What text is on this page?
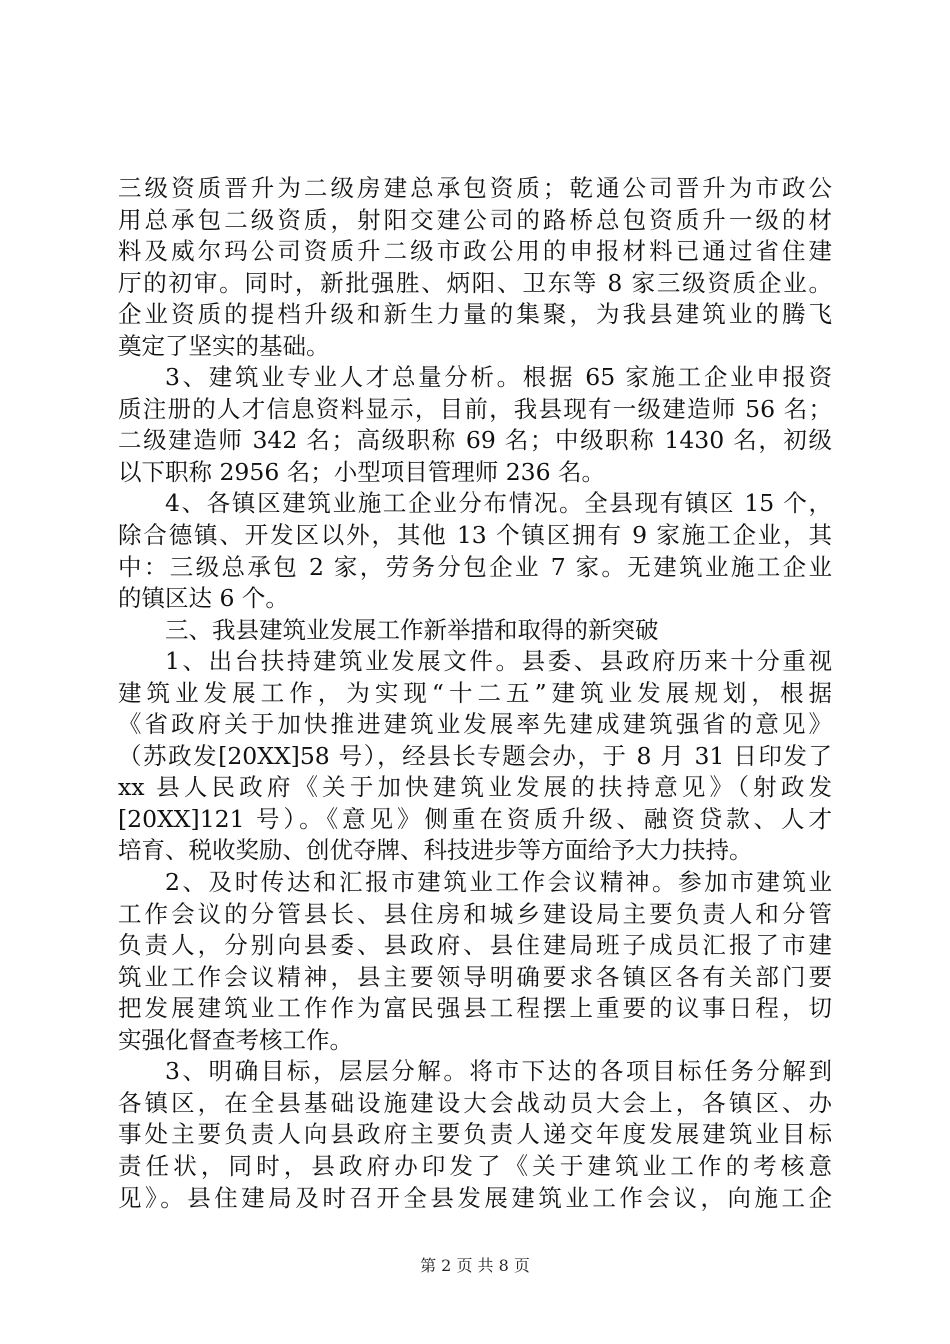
三级资质晋升为二级房建总承包资质；乾通公司晋升为市政公
用总承包二级资质，射阳交建公司的路桥总包资质升一级的材
料及威尔玛公司资质升二级市政公用的申报材料已通过省住建
厅的初审。同时，新批强胜、炳阳、卫东等 8 家三级资质企业。
企业资质的提档升级和新生力量的集聚，为我县建筑业的腾飞
奠定了坚实的基础。
3、建筑业专业人才总量分析。根据 65 家施工企业申报资
质注册的人才信息资料显示，目前，我县现有一级建造师 56 名；
二级建造师 342 名；高级职称 69 名；中级职称 1430 名，初级
以下职称 2956 名；小型项目管理师 236 名。
4、各镇区建筑业施工企业分布情况。全县现有镇区 15 个，
除合德镇、开发区以外，其他 13 个镇区拥有 9 家施工企业，其
中：三级总承包 2 家，劳务分包企业 7 家。无建筑业施工企业
的镇区达 6 个。
三、我县建筑业发展工作新举措和取得的新突破
1、出台扶持建筑业发展文件。县委、县政府历来十分重视
建筑业发展工作，为实现“十二五”建筑业发展规划，根据
《省政府关于加快推进建筑业发展率先建成建筑强省的意见》
（苏政发[20XX]58 号），经县长专题会办，于 8 月 31 日印发了
xx 县人民政府《关于加快建筑业发展的扶持意见》（射政发
[20XX]121 号）。《意见》侧重在资质升级、融资贷款、人才
培育、税收奖励、创优夺牌、科技进步等方面给予大力扶持。
2、及时传达和汇报市建筑业工作会议精神。参加市建筑业
工作会议的分管县长、县住房和城乡建设局主要负责人和分管
负责人，分别向县委、县政府、县住建局班子成员汇报了市建
筑业工作会议精神，县主要领导明确要求各镇区各有关部门要
把发展建筑业工作作为富民强县工程摆上重要的议事日程，切
实强化督查考核工作。
3、明确目标，层层分解。将市下达的各项目标任务分解到
各镇区，在全县基础设施建设大会战动员大会上，各镇区、办
事处主要负责人向县政府主要负责人递交年度发展建筑业目标
责任状，同时，县政府办印发了《关于建筑业工作的考核意
见》。县住建局及时召开全县发展建筑业工作会议，向施工企
第 2 页 共 8 页
